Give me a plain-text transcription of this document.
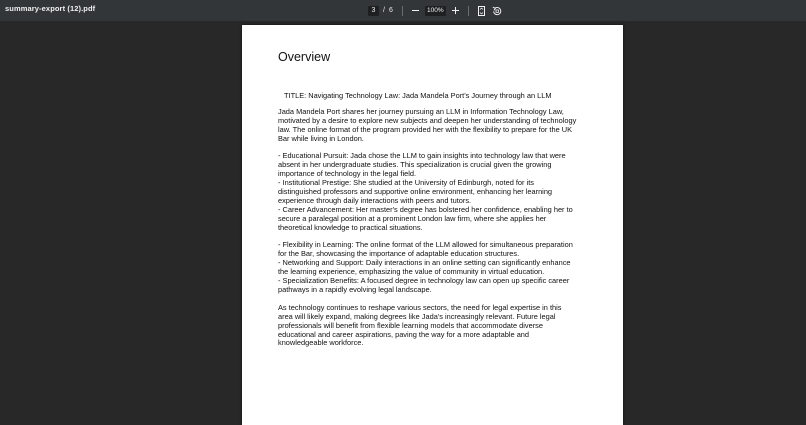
summary-export (12).pdf	3	/ 6	100%
Overview
TITLE: Navigating Technology Law: Jada Mandela Port's Journey through an LLM
Jada Mandela Port shares her journey pursuing an LLM in Information Technology Law,
motivated by a desire to explore new subjects and deepen her understanding of technology
law. The online format of the program provided her with the flexibility to prepare for the UK
Bar while living in London.
- Educational Pursuit: Jada chose the LLM to gain insights into technology law that were
absent in her undergraduate studies. This specialization is crucial given the growing
importance of technology in the legal field.
- Institutional Prestige: She studied at the University of Edinburgh, noted for its
distinguished professors and supportive online environment, enhancing her learning
experience through daily interactions with peers and tutors.
- Career Advancement: Her master's degree has bolstered her confidence, enabling her to
secure a paralegal position at a prominent London law firm, where she applies her
theoretical knowledge to practical situations.
- Flexibility in Learning: The online format of the LLM allowed for simultaneous preparation
for the Bar, showcasing the importance of adaptable education structures.
- Networking and Support: Daily interactions in an online setting can significantly enhance
the learning experience, emphasizing the value of community in virtual education.
- Specialization Benefits: A focused degree in technology law can open up specific career
pathways in a rapidly evolving legal landscape.
As technology continues to reshape various sectors, the need for legal expertise in this
area will likely expand, making degrees like Jada's increasingly relevant. Future legal
professionals will benefit from flexible learning models that accommodate diverse
educational and career aspirations, paving the way for a more adaptable and
knowledgeable workforce.
